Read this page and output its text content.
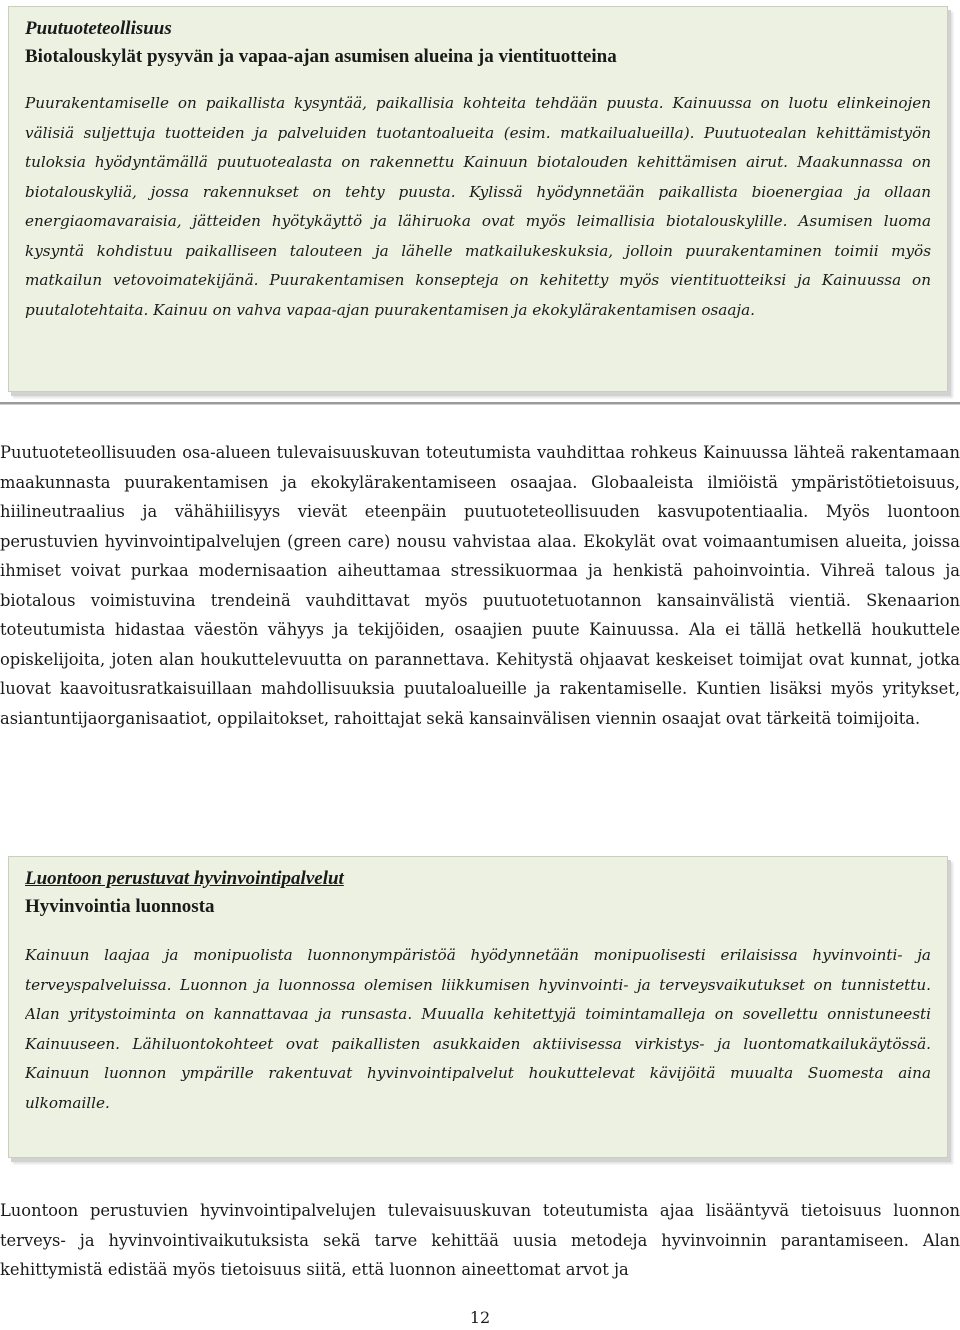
Puutuoteteollisuus

Biotalouskylät pysyvän ja vapaa-ajan asumisen alueina ja vientituotteina

Puurakentamiselle on paikallista kysyntää, paikallisia kohteita tehdään puusta. Kainuussa on luotu elinkeinojen välisiä suljettuja tuotteiden ja palveluiden tuotantoalueita (esim. matkailualueilla). Puutuotealan kehittämistyön tuloksia hyödyntämällä puutuotealasta on rakennettu Kainuun biotalouden kehittämisen airut. Maakunnassa on biotalouskyliä, jossa rakennukset on tehty puusta. Kylissä hyödynnetään paikallista bioenergiaa ja ollaan energiaomavaraisia, jätteiden hyötykäyttö ja lähiruoka ovat myös leimallisia biotalouskylille. Asumisen luoma kysyntä kohdistuu paikalliseen talouteen ja lähelle matkailukeskuksia, jolloin puurakentaminen toimii myös matkailun vetovoimatekijänä. Puurakentamisen konsepteja on kehitetty myös vientituotteiksi ja Kainuussa on puutalotehtaita. Kainuu on vahva vapaa-ajan puurakentamisen ja ekokylärakentamisen osaaja.

Puutuoteteollisuuden osa-alueen tulevaisuuskuvan toteutumista vauhdittaa rohkeus Kainuussa lähteä rakentamaan maakunnasta puurakentamisen ja ekokylärakentamiseen osaajaa. Globaaleista ilmiöistä ympäristötietoisuus, hiilineutraalius ja vähähiilisyys vievät eteenpäin puutuoteteollisuuden kasvupotentiaalia. Myös luontoon perustuvien hyvinvointipalvelujen (green care) nousu vahvistaa alaa. Ekokylät ovat voimaantumisen alueita, joissa ihmiset voivat purkaa modernisaation aiheuttamaa stressikuormaa ja henkistä pahoinvointia. Vihreä talous ja biotalous voimistuvina trendeinä vauhdittavat myös puutuotetuotannon kansainvälistä vientiä. Skenaarion toteutumista hidastaa väestön vähyys ja tekijöiden, osaajien puute Kainuussa. Ala ei tällä hetkellä houkuttele opiskelijoita, joten alan houkuttelevuutta on parannettava. Kehitystä ohjaavat keskeiset toimijat ovat kunnat, jotka luovat kaavoitusratkaisuillaan mahdollisuuksia puutaloalueille ja rakentamiselle. Kuntien lisäksi myös yritykset, asiantuntijaorganisaatiot, oppilaitokset, rahoittajat sekä kansainvälisen viennin osaajat ovat tärkeitä toimijoita.

Luontoon perustuvat hyvinvointipalvelut

Hyvinvointia luonnosta

Kainuun laajaa ja monipuolista luonnonympäristöä hyödynnetään monipuolisesti erilaisissa hyvinvointi- ja terveyspalveluissa. Luonnon ja luonnossa olemisen liikkumisen hyvinvointi- ja terveysvaikutukset on tunnistettu. Alan yritystoiminta on kannattavaa ja runsasta. Muualla kehitettyjä toimintamalleja on sovellettu onnistuneesti Kainuuseen. Lähiluontokohteet ovat paikallisten asukkaiden aktiivisessa virkistys- ja luontomatkailukäytössä. Kainuun luonnon ympärille rakentuvat hyvinvointipalvelut houkuttelevat kävijöitä muualta Suomesta aina ulkomaille.

Luontoon perustuvien hyvinvointipalvelujen tulevaisuuskuvan toteutumista ajaa lisääntyvä tietoisuus luonnon terveys- ja hyvinvointivaikutuksista sekä tarve kehittää uusia metodeja hyvinvoinnin parantamiseen. Alan kehittymistä edistää myös tietoisuus siitä, että luonnon aineettomat arvot ja

12
